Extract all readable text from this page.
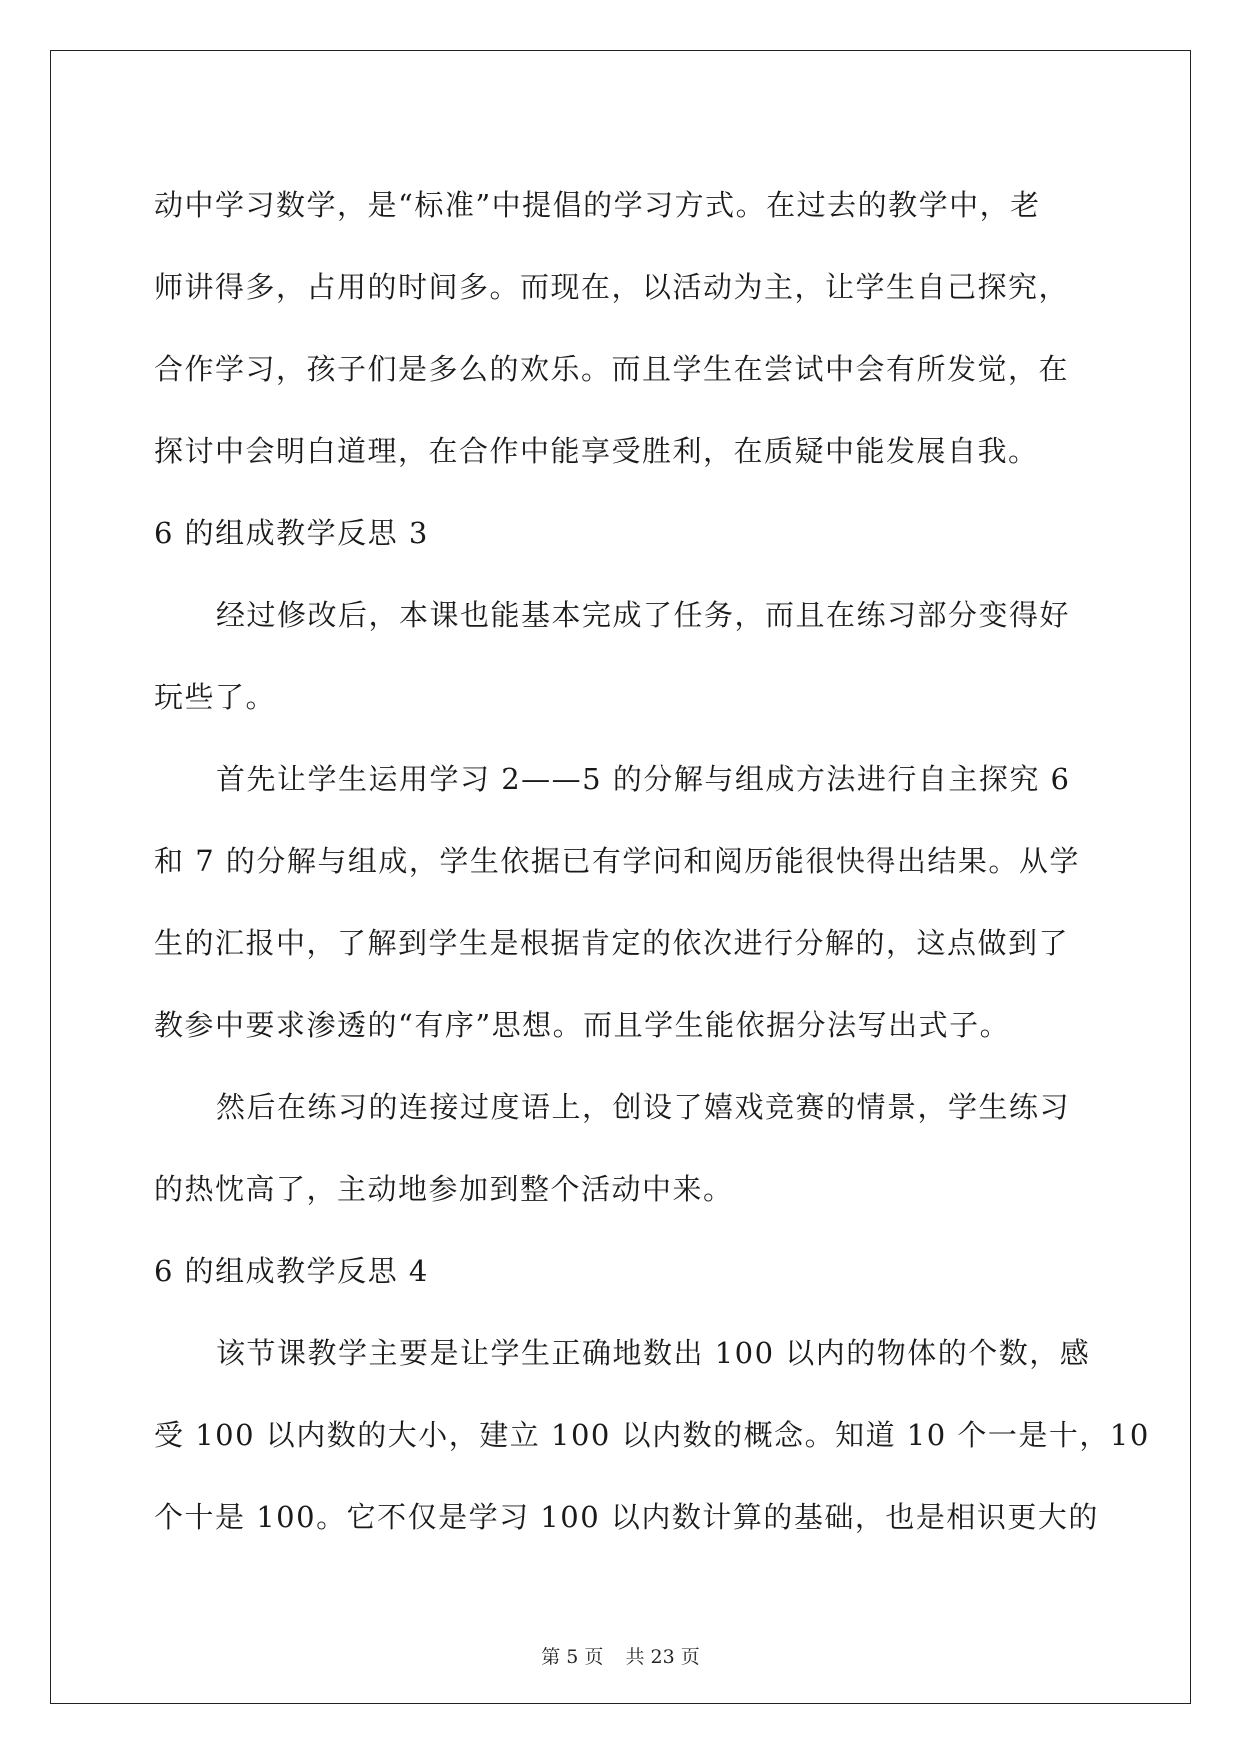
动中学习数学，是“标准”中提倡的学习方式。在过去的教学中，老
师讲得多，占用的时间多。而现在，以活动为主，让学生自己探究，
合作学习，孩子们是多么的欢乐。而且学生在尝试中会有所发觉，在
探讨中会明白道理，在合作中能享受胜利，在质疑中能发展自我。
6 的组成教学反思 3
经过修改后，本课也能基本完成了任务，而且在练习部分变得好
玩些了。
首先让学生运用学习 2——5 的分解与组成方法进行自主探究 6
和 7 的分解与组成，学生依据已有学问和阅历能很快得出结果。从学
生的汇报中，了解到学生是根据肯定的依次进行分解的，这点做到了
教参中要求渗透的“有序”思想。而且学生能依据分法写出式子。
然后在练习的连接过度语上，创设了嬉戏竞赛的情景，学生练习
的热忱高了，主动地参加到整个活动中来。
6 的组成教学反思 4
该节课教学主要是让学生正确地数出 100 以内的物体的个数，感
受 100 以内数的大小，建立 100 以内数的概念。知道 10 个一是十，10
个十是 100。它不仅是学习 100 以内数计算的基础，也是相识更大的
第 5 页 共 23 页
